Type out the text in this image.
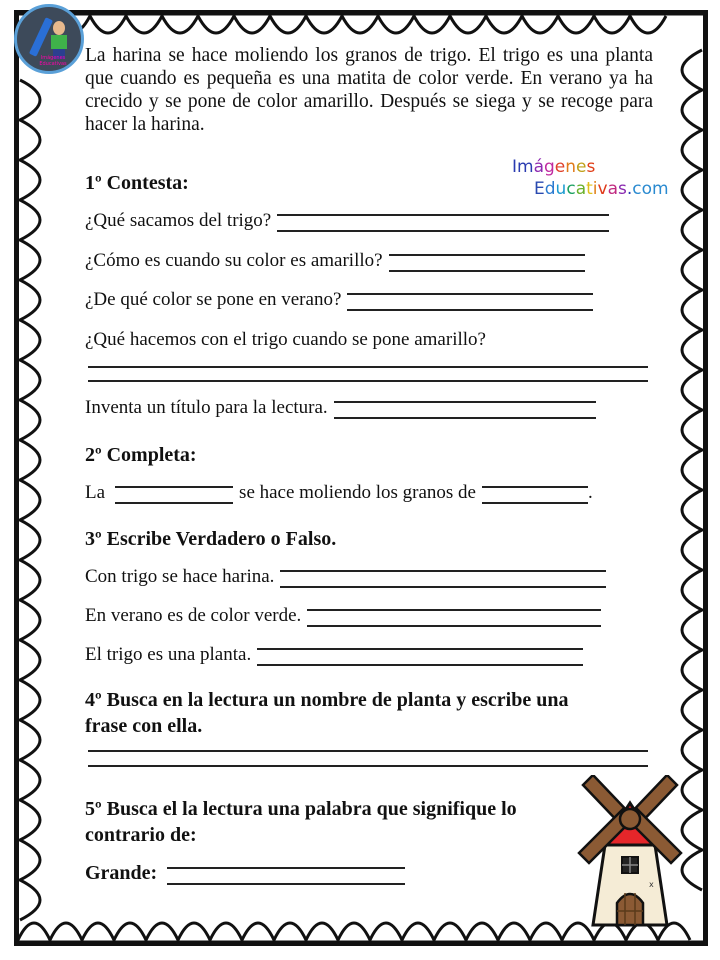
Imágenes Educativas
Imágenes
Educativas.com

La harina se hace moliendo los granos de trigo. El trigo es una planta que cuando es pequeña es una matita de color verde. En verano ya ha crecido y se pone de color amarillo. Después se siega y se recoge para hacer la harina.

1º Contesta:
¿Qué sacamos del trigo?
¿Cómo es cuando su color es amarillo?
¿De qué color se pone en verano?
¿Qué hacemos con el trigo cuando se pone amarillo?
Inventa un título para la lectura.
2º Completa:
La	se hace moliendo los granos de	.
3º Escribe Verdadero o Falso.
Con trigo se hace harina.
En verano es de color verde.
El trigo es una planta.
4º Busca en la lectura un nombre de planta y escribe una
frase con ella.
5º Busca el la lectura una palabra que signifique lo
contrario de:
Grande:
x
